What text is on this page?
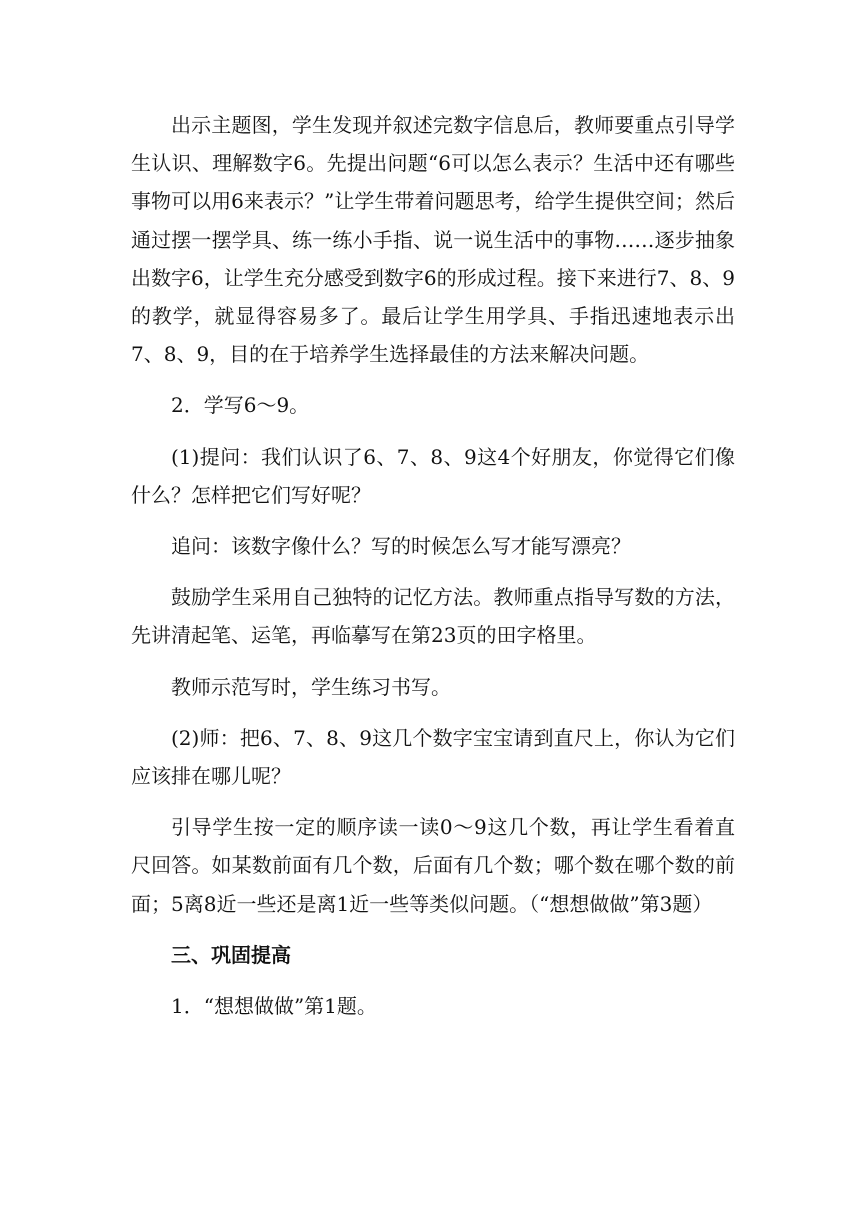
出示主题图，学生发现并叙述完数字信息后，教师要重点引导学生认识、理解数字6。先提出问题“6可以怎么表示？生活中还有哪些事物可以用6来表示？”让学生带着问题思考，给学生提供空间；然后通过摆一摆学具、练一练小手指、说一说生活中的事物……逐步抽象出数字6，让学生充分感受到数字6的形成过程。接下来进行7、8、9的教学，就显得容易多了。最后让学生用学具、手指迅速地表示出7、8、9，目的在于培养学生选择最佳的方法来解决问题。

2．学写6～9。

(1)提问：我们认识了6、7、8、9这4个好朋友，你觉得它们像什么？怎样把它们写好呢？

追问：该数字像什么？写的时候怎么写才能写漂亮？

鼓励学生采用自己独特的记忆方法。教师重点指导写数的方法，先讲清起笔、运笔，再临摹写在第23页的田字格里。

教师示范写时，学生练习书写。

(2)师：把6、7、8、9这几个数字宝宝请到直尺上，你认为它们应该排在哪儿呢？

引导学生按一定的顺序读一读0～9这几个数，再让学生看着直尺回答。如某数前面有几个数，后面有几个数；哪个数在哪个数的前面；5离8近一些还是离1近一些等类似问题。（“想想做做”第3题）

三、巩固提高

1．“想想做做”第1题。
